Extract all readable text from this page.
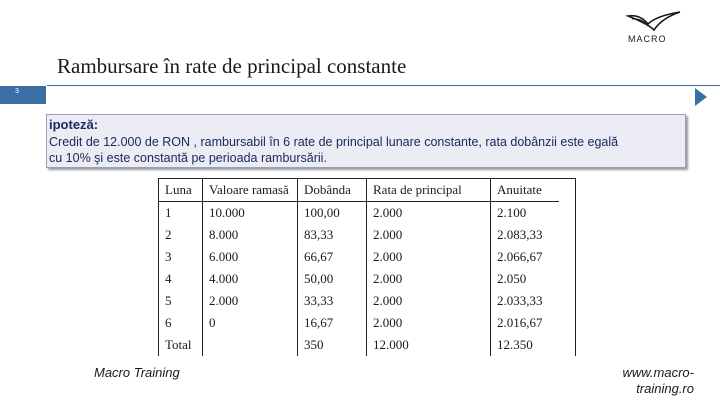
MACRO
Rambursare în rate de principal constante
3
ipoteză:
Credit de 12.000 de RON , rambursabil în 6 rate de principal lunare constante, rata dobânzii este egală
cu 10% şi este constantă pe perioada rambursării.
Luna	Valoare ramasă	Dobânda	Rata de principal	Anuitate
1	10.000	100,00	2.000	2.100
2	8.000	83,33	2.000	2.083,33
3	6.000	66,67	2.000	2.066,67
4	4.000	50,00	2.000	2.050
5	2.000	33,33	2.000	2.033,33
6	0	16,67	2.000	2.016,67
Total		350	12.000	12.350
Macro Training	www.macro-
training.ro
